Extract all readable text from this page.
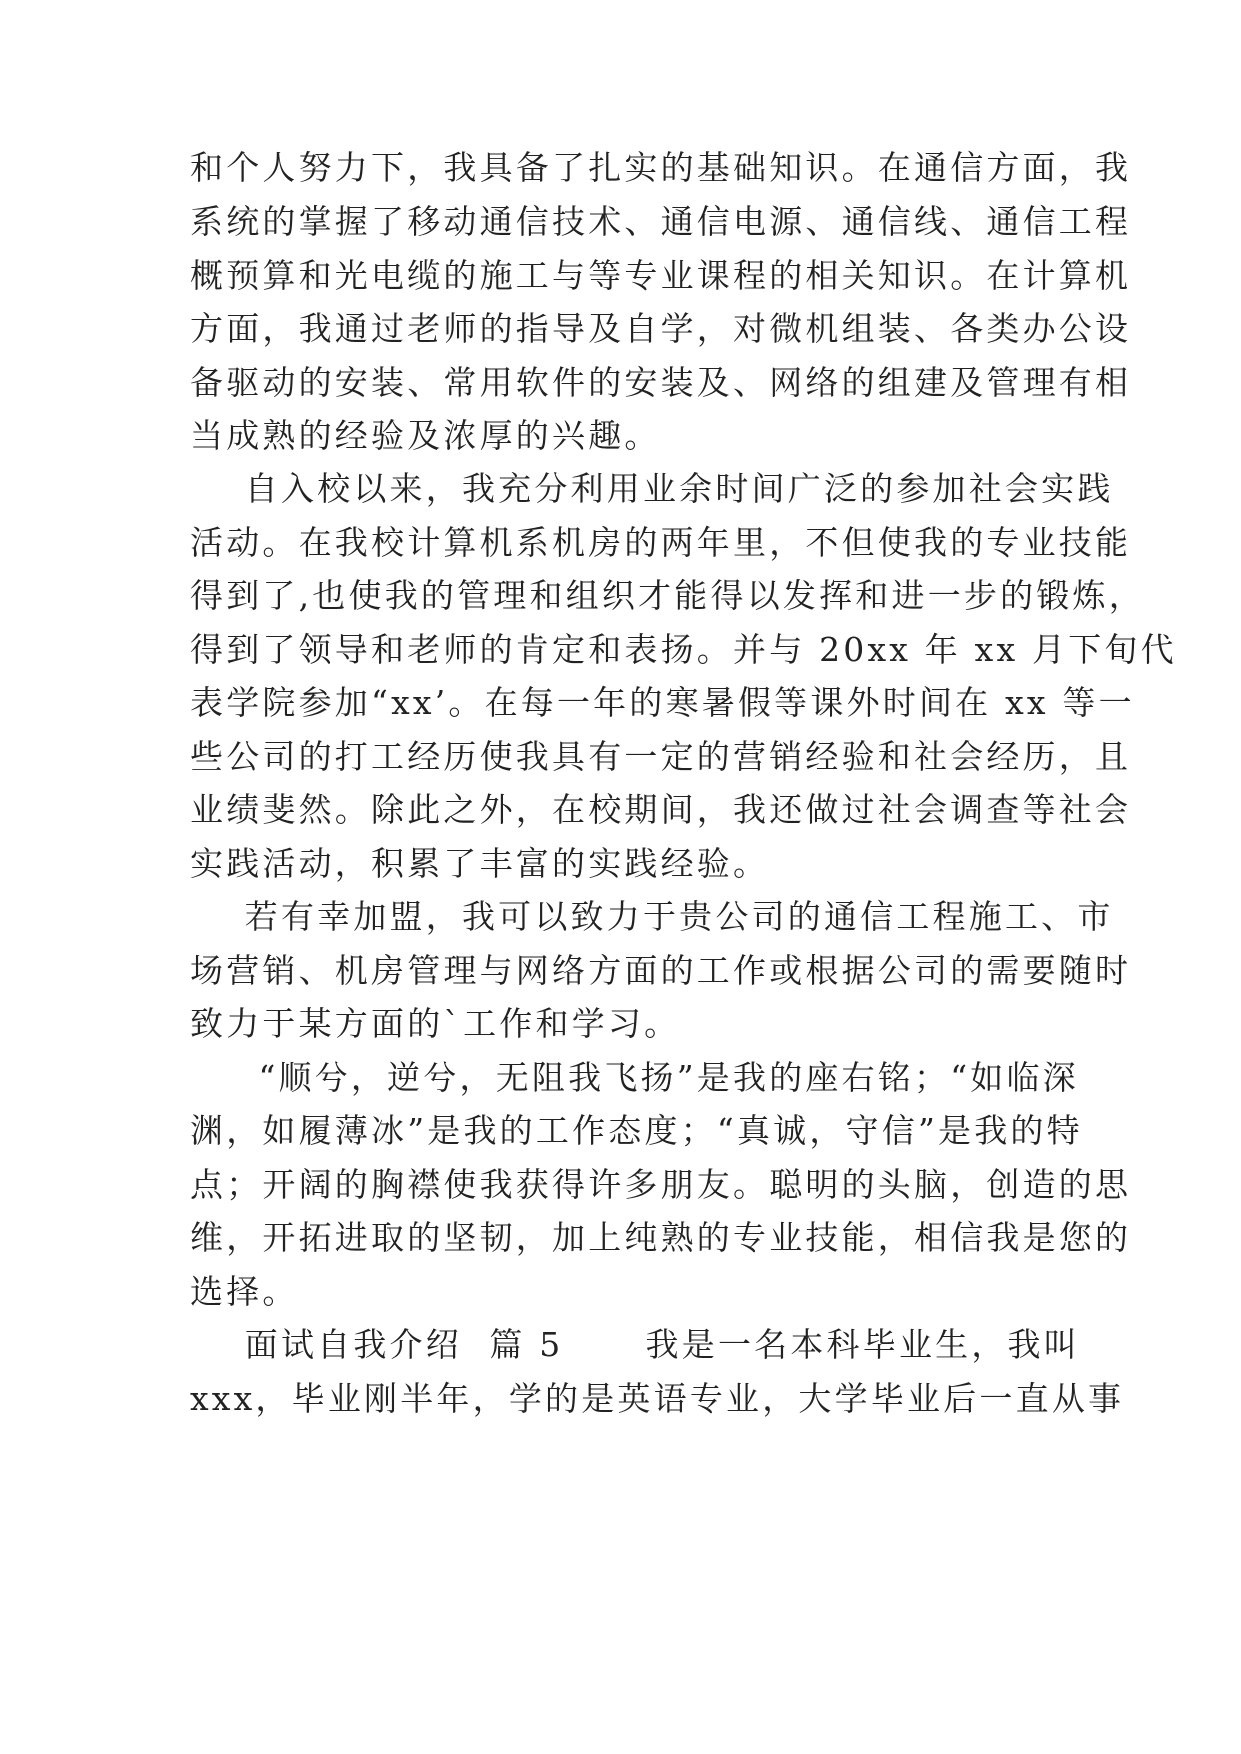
和个人努力下，我具备了扎实的基础知识。在通信方面，我
系统的掌握了移动通信技术、通信电源、通信线、通信工程
概预算和光电缆的施工与等专业课程的相关知识。在计算机
方面，我通过老师的指导及自学，对微机组装、各类办公设
备驱动的安装、常用软件的安装及、网络的组建及管理有相
当成熟的经验及浓厚的兴趣。
自入校以来，我充分利用业余时间广泛的参加社会实践
活动。在我校计算机系机房的两年里，不但使我的专业技能
得到了,也使我的管理和组织才能得以发挥和进一步的锻炼，
得到了领导和老师的肯定和表扬。并与 20xx 年 xx 月下旬代
表学院参加“xx’。在每一年的寒暑假等课外时间在 xx 等一
些公司的打工经历使我具有一定的营销经验和社会经历，且
业绩斐然。除此之外，在校期间，我还做过社会调查等社会
实践活动，积累了丰富的实践经验。
若有幸加盟，我可以致力于贵公司的通信工程施工、市
场营销、机房管理与网络方面的工作或根据公司的需要随时
致力于某方面的`工作和学习。
“顺兮，逆兮，无阻我飞扬”是我的座右铭；“如临深
渊，如履薄冰”是我的工作态度；“真诚，守信”是我的特
点；开阔的胸襟使我获得许多朋友。聪明的头脑，创造的思
维，开拓进取的坚韧，加上纯熟的专业技能，相信我是您的
选择。
面试自我介绍  篇 5      我是一名本科毕业生，我叫
xxx，毕业刚半年，学的是英语专业，大学毕业后一直从事
